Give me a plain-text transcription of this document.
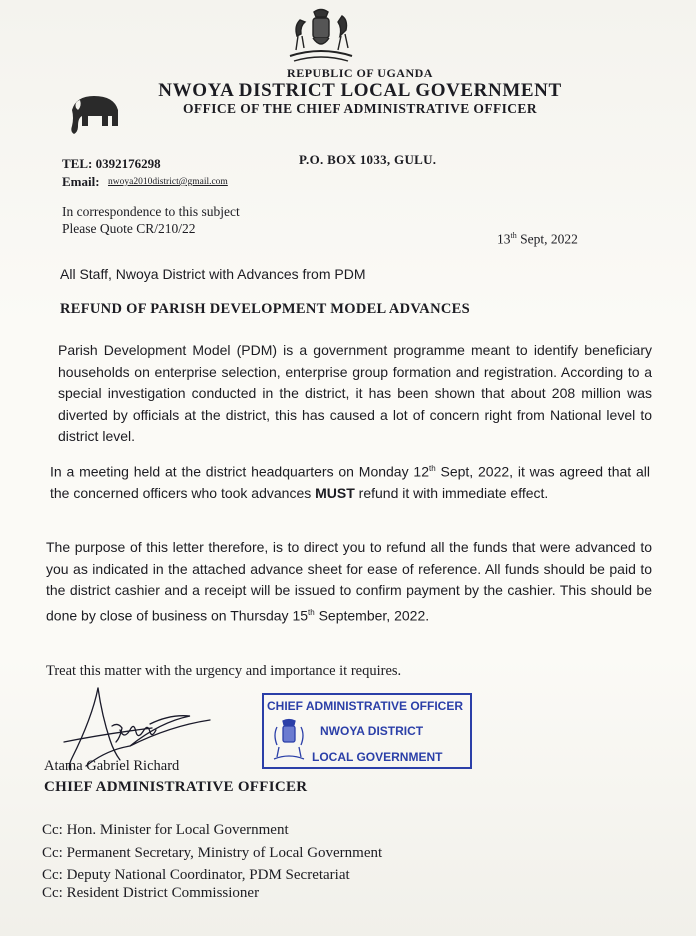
REPUBLIC OF UGANDA
NWOYA DISTRICT LOCAL GOVERNMENT
OFFICE OF THE CHIEF ADMINISTRATIVE OFFICER
TEL: 0392176298
Email: nwoya2010district@gmail.com
P.O. BOX 1033, GULU.
In correspondence to this subject
Please Quote CR/210/22
13th Sept, 2022
All Staff, Nwoya District with Advances from PDM
REFUND OF PARISH DEVELOPMENT MODEL ADVANCES
Parish Development Model (PDM) is a government programme meant to identify beneficiary households on enterprise selection, enterprise group formation and registration. According to a special investigation conducted in the district, it has been shown that about 208 million was diverted by officials at the district, this has caused a lot of concern right from National level to district level.
In a meeting held at the district headquarters on Monday 12th Sept, 2022, it was agreed that all the concerned officers who took advances MUST refund it with immediate effect.
The purpose of this letter therefore, is to direct you to refund all the funds that were advanced to you as indicated in the attached advance sheet for ease of reference. All funds should be paid to the district cashier and a receipt will be issued to confirm payment by the cashier. This should be done by close of business on Thursday 15th September, 2022.
Treat this matter with the urgency and importance it requires.
CHIEF ADMINISTRATIVE OFFICER
NWOYA DISTRICT
LOCAL GOVERNMENT
Atama Gabriel Richard
CHIEF ADMINISTRATIVE OFFICER
Cc: Hon. Minister for Local Government
Cc: Permanent Secretary, Ministry of Local Government
Cc: Deputy National Coordinator, PDM Secretariat
Cc: Resident District Commissioner
